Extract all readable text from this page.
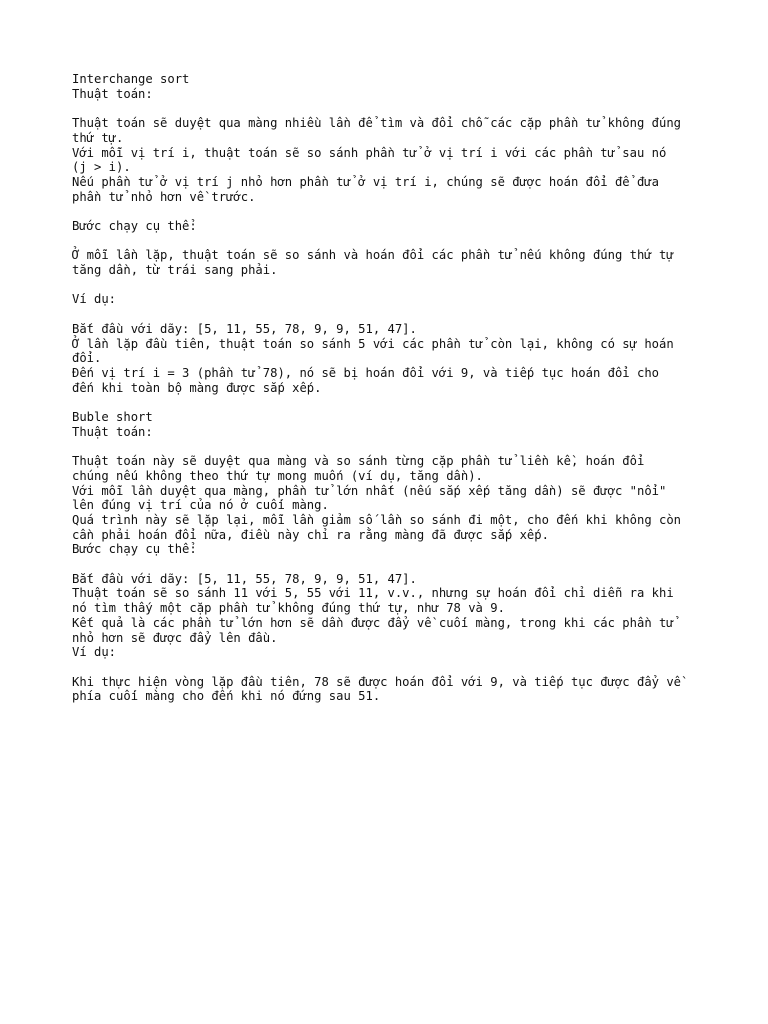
Interchange sort
Thuật toán:
Thuật toán sẽ duyệt qua màng nhiều lần để tìm và đổi chỗ các cặp phần tử không đúng
thứ tự.
Với mỗi vị trí i, thuật toán sẽ so sánh phần tử ở vị trí i với các phần tử sau nó
(j > i).
Nếu phần tử ở vị trí j nhỏ hơn phần tử ở vị trí i, chúng sẽ được hoán đổi để đưa
phần tử nhỏ hơn về trước.
Bước chạy cụ thể:
Ở mỗi lần lặp, thuật toán sẽ so sánh và hoán đổi các phần tử nếu không đúng thứ tự
tăng dần, từ trái sang phải.
Ví dụ:
Bắt đầu với dãy: [5, 11, 55, 78, 9, 9, 51, 47].
Ở lần lặp đầu tiên, thuật toán so sánh 5 với các phần tử còn lại, không có sự hoán
đổi.
Đến vị trí i = 3 (phần tử 78), nó sẽ bị hoán đổi với 9, và tiếp tục hoán đổi cho
đến khi toàn bộ màng được sắp xếp.
Buble short
Thuật toán:
Thuật toán này sẽ duyệt qua màng và so sánh từng cặp phần tử liền kề, hoán đổi
chúng nếu không theo thứ tự mong muốn (ví dụ, tăng dần).
Với mỗi lần duyệt qua màng, phần tử lớn nhất (nếu sắp xếp tăng dần) sẽ được "nổi"
lên đúng vị trí của nó ở cuối màng.
Quá trình này sẽ lặp lại, mỗi lần giảm số lần so sánh đi một, cho đến khi không còn
cần phải hoán đổi nữa, điều này chỉ ra rằng màng đã được sắp xếp.
Bước chạy cụ thể:
Bắt đầu với dãy: [5, 11, 55, 78, 9, 9, 51, 47].
Thuật toán sẽ so sánh 11 với 5, 55 với 11, v.v., nhưng sự hoán đổi chỉ diễn ra khi
nó tìm thấy một cặp phần tử không đúng thứ tự, như 78 và 9.
Kết quả là các phần tử lớn hơn sẽ dần được đẩy về cuối màng, trong khi các phần tử
nhỏ hơn sẽ được đẩy lên đầu.
Ví dụ:
Khi thực hiện vòng lặp đầu tiên, 78 sẽ được hoán đổi với 9, và tiếp tục được đẩy về
phía cuối màng cho đến khi nó đứng sau 51.
